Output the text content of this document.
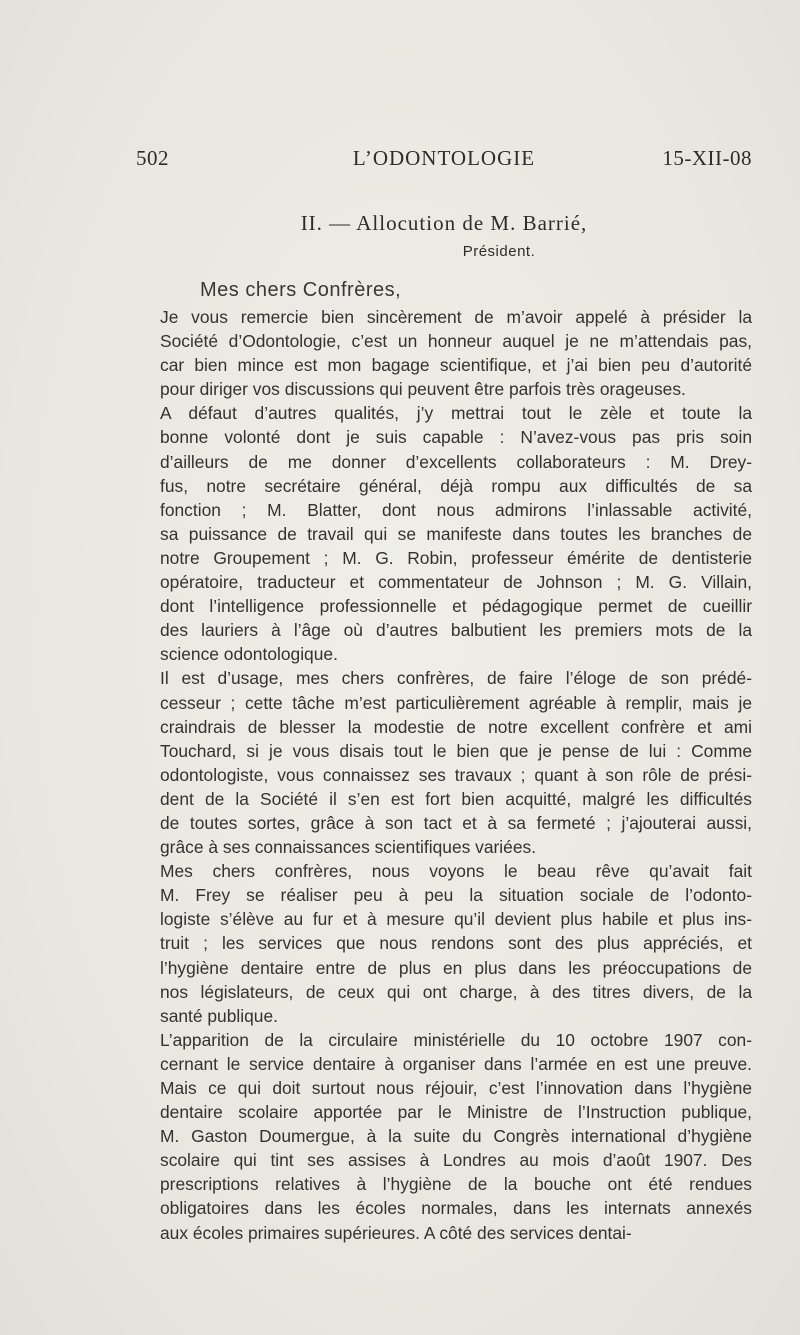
502	L’ODONTOLOGIE	15-XII-08
II. — Allocution de M. Barrié,
Président.
Mes chers Confrères,

Je vous remercie bien sincèrement de m’avoir appelé à présider la
Société d’Odontologie, c’est un honneur auquel je ne m’attendais pas,
car bien mince est mon bagage scientifique, et j’ai bien peu d’autorité
pour diriger vos discussions qui peuvent être parfois très orageuses.

A défaut d’autres qualités, j’y mettrai tout le zèle et toute la
bonne volonté dont je suis capable : N’avez-vous pas pris soin
d’ailleurs de me donner d’excellents collaborateurs : M. Drey-
fus, notre secrétaire général, déjà rompu aux difficultés de sa
fonction ; M. Blatter, dont nous admirons l’inlassable activité,
sa puissance de travail qui se manifeste dans toutes les branches de
notre Groupement ; M. G. Robin, professeur émérite de dentisterie
opératoire, traducteur et commentateur de Johnson ; M. G. Villain,
dont l’intelligence professionnelle et pédagogique permet de cueillir
des lauriers à l’âge où d’autres balbutient les premiers mots de la
science odontologique.

Il est d’usage, mes chers confrères, de faire l’éloge de son prédé-
cesseur ; cette tâche m’est particulièrement agréable à remplir, mais je
craindrais de blesser la modestie de notre excellent confrère et ami
Touchard, si je vous disais tout le bien que je pense de lui : Comme
odontologiste, vous connaissez ses travaux ; quant à son rôle de prési-
dent de la Société il s’en est fort bien acquitté, malgré les difficultés
de toutes sortes, grâce à son tact et à sa fermeté ; j’ajouterai aussi,
grâce à ses connaissances scientifiques variées.

Mes chers confrères, nous voyons le beau rêve qu’avait fait
M. Frey se réaliser peu à peu la situation sociale de l’odonto-
logiste s’élève au fur et à mesure qu’il devient plus habile et plus ins-
truit ; les services que nous rendons sont des plus appréciés, et
l’hygiène dentaire entre de plus en plus dans les préoccupations de
nos législateurs, de ceux qui ont charge, à des titres divers, de la
santé publique.

L’apparition de la circulaire ministérielle du 10 octobre 1907 con-
cernant le service dentaire à organiser dans l’armée en est une preuve.
Mais ce qui doit surtout nous réjouir, c’est l’innovation dans l’hygiène
dentaire scolaire apportée par le Ministre de l’Instruction publique,
M. Gaston Doumergue, à la suite du Congrès international d’hygiène
scolaire qui tint ses assises à Londres au mois d’août 1907. Des
prescriptions relatives à l’hygiène de la bouche ont été rendues
obligatoires dans les écoles normales, dans les internats annexés
aux écoles primaires supérieures. A côté des services dentai-
